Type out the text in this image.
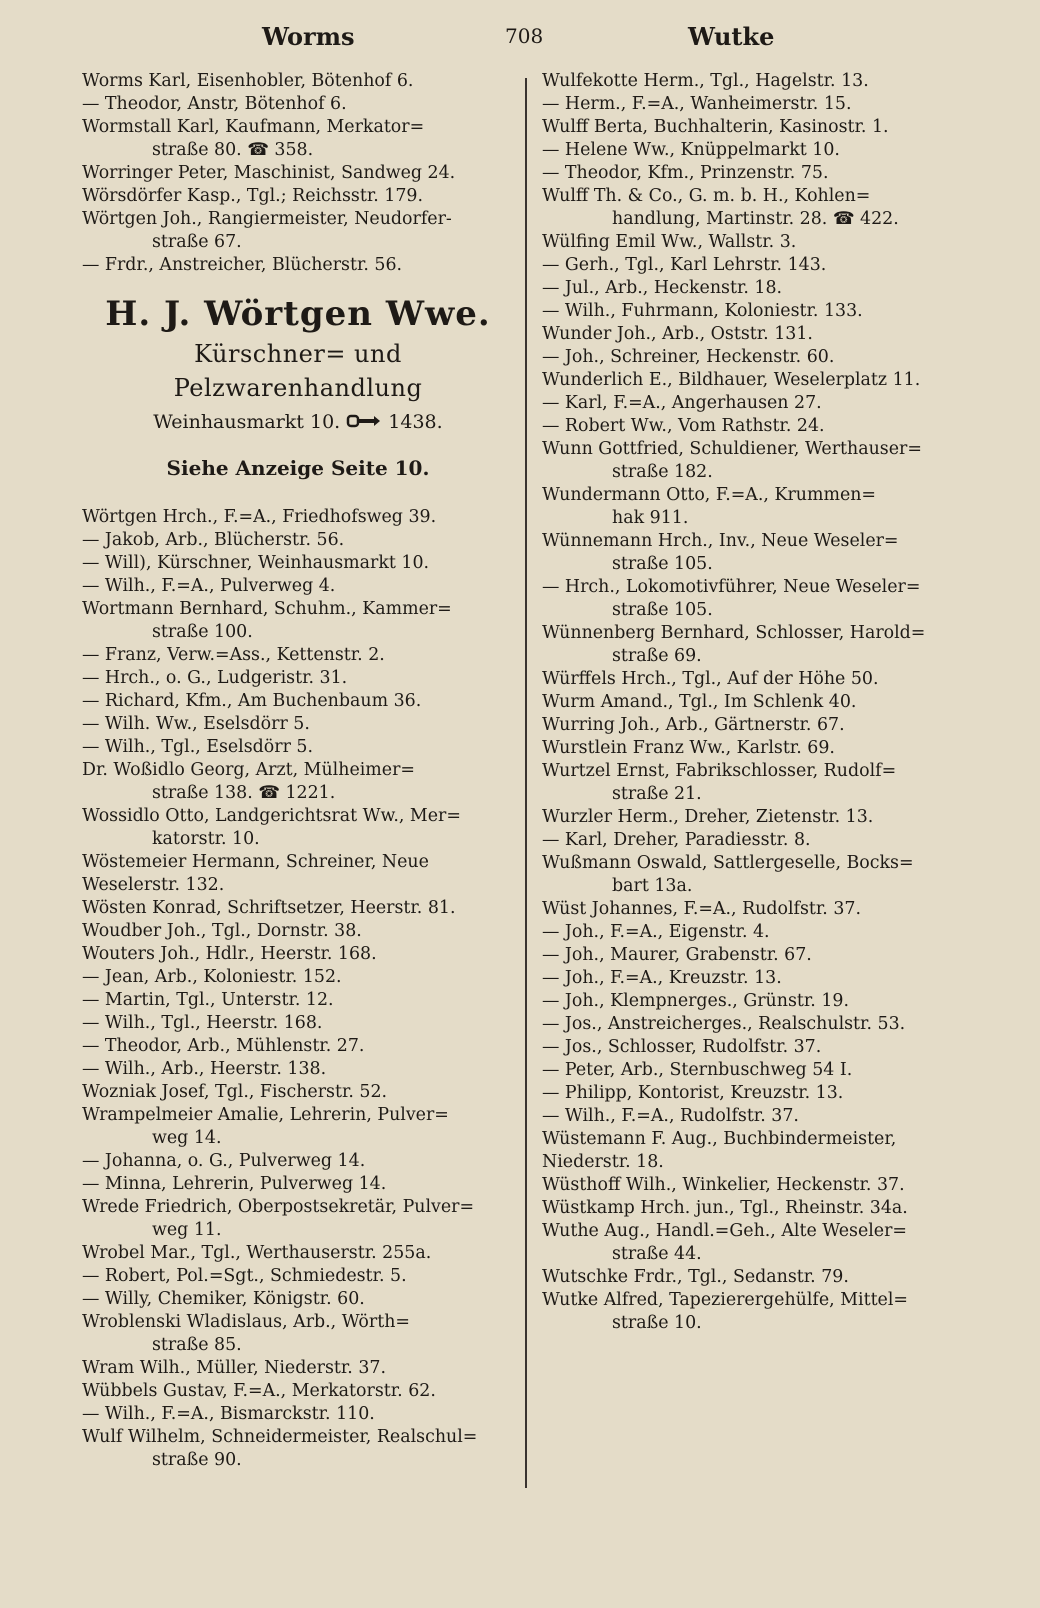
Worms	708	Wutke
Worms Karl, Eisenhobler, Bötenhof 6.
— Theodor, Anstr, Bötenhof 6.
Wormstall Karl, Kaufmann, Merkator=
straße 80. ☎ 358.
Worringer Peter, Maschinist, Sandweg 24.
Wörsdörfer Kasp., Tgl.; Reichsstr. 179.
Wörtgen Joh., Rangiermeister, Neudorfer-
straße 67.
— Frdr., Anstreicher, Blücherstr. 56.
H. J. Wörtgen Wwe.
Kürschner= und Pelzwarenhandlung
Weinhausmarkt 10.	1438.
Siehe Anzeige Seite 10.
Wörtgen Hrch., F.=A., Friedhofsweg 39.
— Jakob, Arb., Blücherstr. 56.
— Will), Kürschner, Weinhausmarkt 10.
— Wilh., F.=A., Pulverweg 4.
Wortmann Bernhard, Schuhm., Kammer=
straße 100.
— Franz, Verw.=Ass., Kettenstr. 2.
— Hrch., o. G., Ludgeristr. 31.
— Richard, Kfm., Am Buchenbaum 36.
— Wilh. Ww., Eselsdörr 5.
— Wilh., Tgl., Eselsdörr 5.
Dr. Woßidlo Georg, Arzt, Mülheimer=
straße 138. ☎ 1221.
Wossidlo Otto, Landgerichtsrat Ww., Mer=
katorstr. 10.
Wöstemeier Hermann, Schreiner, Neue
Weselerstr. 132.
Wösten Konrad, Schriftsetzer, Heerstr. 81.
Woudber Joh., Tgl., Dornstr. 38.
Wouters Joh., Hdlr., Heerstr. 168.
— Jean, Arb., Koloniestr. 152.
— Martin, Tgl., Unterstr. 12.
— Wilh., Tgl., Heerstr. 168.
— Theodor, Arb., Mühlenstr. 27.
— Wilh., Arb., Heerstr. 138.
Wozniak Josef, Tgl., Fischerstr. 52.
Wrampelmeier Amalie, Lehrerin, Pulver=
weg 14.
— Johanna, o. G., Pulverweg 14.
— Minna, Lehrerin, Pulverweg 14.
Wrede Friedrich, Oberpostsekretär, Pulver=
weg 11.
Wrobel Mar., Tgl., Werthauserstr. 255a.
— Robert, Pol.=Sgt., Schmiedestr. 5.
— Willy, Chemiker, Königstr. 60.
Wroblenski Wladislaus, Arb., Wörth=
straße 85.
Wram Wilh., Müller, Niederstr. 37.
Wübbels Gustav, F.=A., Merkatorstr. 62.
— Wilh., F.=A., Bismarckstr. 110.
Wulf Wilhelm, Schneidermeister, Realschul=
straße 90.
Wulfekotte Herm., Tgl., Hagelstr. 13.
— Herm., F.=A., Wanheimerstr. 15.
Wulff Berta, Buchhalterin, Kasinostr. 1.
— Helene Ww., Knüppelmarkt 10.
— Theodor, Kfm., Prinzenstr. 75.
Wulff Th. & Co., G. m. b. H., Kohlen=
handlung, Martinstr. 28. ☎ 422.
Wülfing Emil Ww., Wallstr. 3.
— Gerh., Tgl., Karl Lehrstr. 143.
— Jul., Arb., Heckenstr. 18.
— Wilh., Fuhrmann, Koloniestr. 133.
Wunder Joh., Arb., Oststr. 131.
— Joh., Schreiner, Heckenstr. 60.
Wunderlich E., Bildhauer, Weselerplatz 11.
— Karl, F.=A., Angerhausen 27.
— Robert Ww., Vom Rathstr. 24.
Wunn Gottfried, Schuldiener, Werthauser=
straße 182.
Wundermann Otto, F.=A., Krummen=
hak 911.
Wünnemann Hrch., Inv., Neue Weseler=
straße 105.
— Hrch., Lokomotivführer, Neue Weseler=
straße 105.
Wünnenberg Bernhard, Schlosser, Harold=
straße 69.
Würffels Hrch., Tgl., Auf der Höhe 50.
Wurm Amand., Tgl., Im Schlenk 40.
Wurring Joh., Arb., Gärtnerstr. 67.
Wurstlein Franz Ww., Karlstr. 69.
Wurtzel Ernst, Fabrikschlosser, Rudolf=
straße 21.
Wurzler Herm., Dreher, Zietenstr. 13.
— Karl, Dreher, Paradiesstr. 8.
Wußmann Oswald, Sattlergeselle, Bocks=
bart 13a.
Wüst Johannes, F.=A., Rudolfstr. 37.
— Joh., F.=A., Eigenstr. 4.
— Joh., Maurer, Grabenstr. 67.
— Joh., F.=A., Kreuzstr. 13.
— Joh., Klempnerges., Grünstr. 19.
— Jos., Anstreicherges., Realschulstr. 53.
— Jos., Schlosser, Rudolfstr. 37.
— Peter, Arb., Sternbuschweg 54 I.
— Philipp, Kontorist, Kreuzstr. 13.
— Wilh., F.=A., Rudolfstr. 37.
Wüstemann F. Aug., Buchbindermeister,
Niederstr. 18.
Wüsthoff Wilh., Winkelier, Heckenstr. 37.
Wüstkamp Hrch. jun., Tgl., Rheinstr. 34a.
Wuthe Aug., Handl.=Geh., Alte Weseler=
straße 44.
Wutschke Frdr., Tgl., Sedanstr. 79.
Wutke Alfred, Tapezierergehülfe, Mittel=
straße 10.
